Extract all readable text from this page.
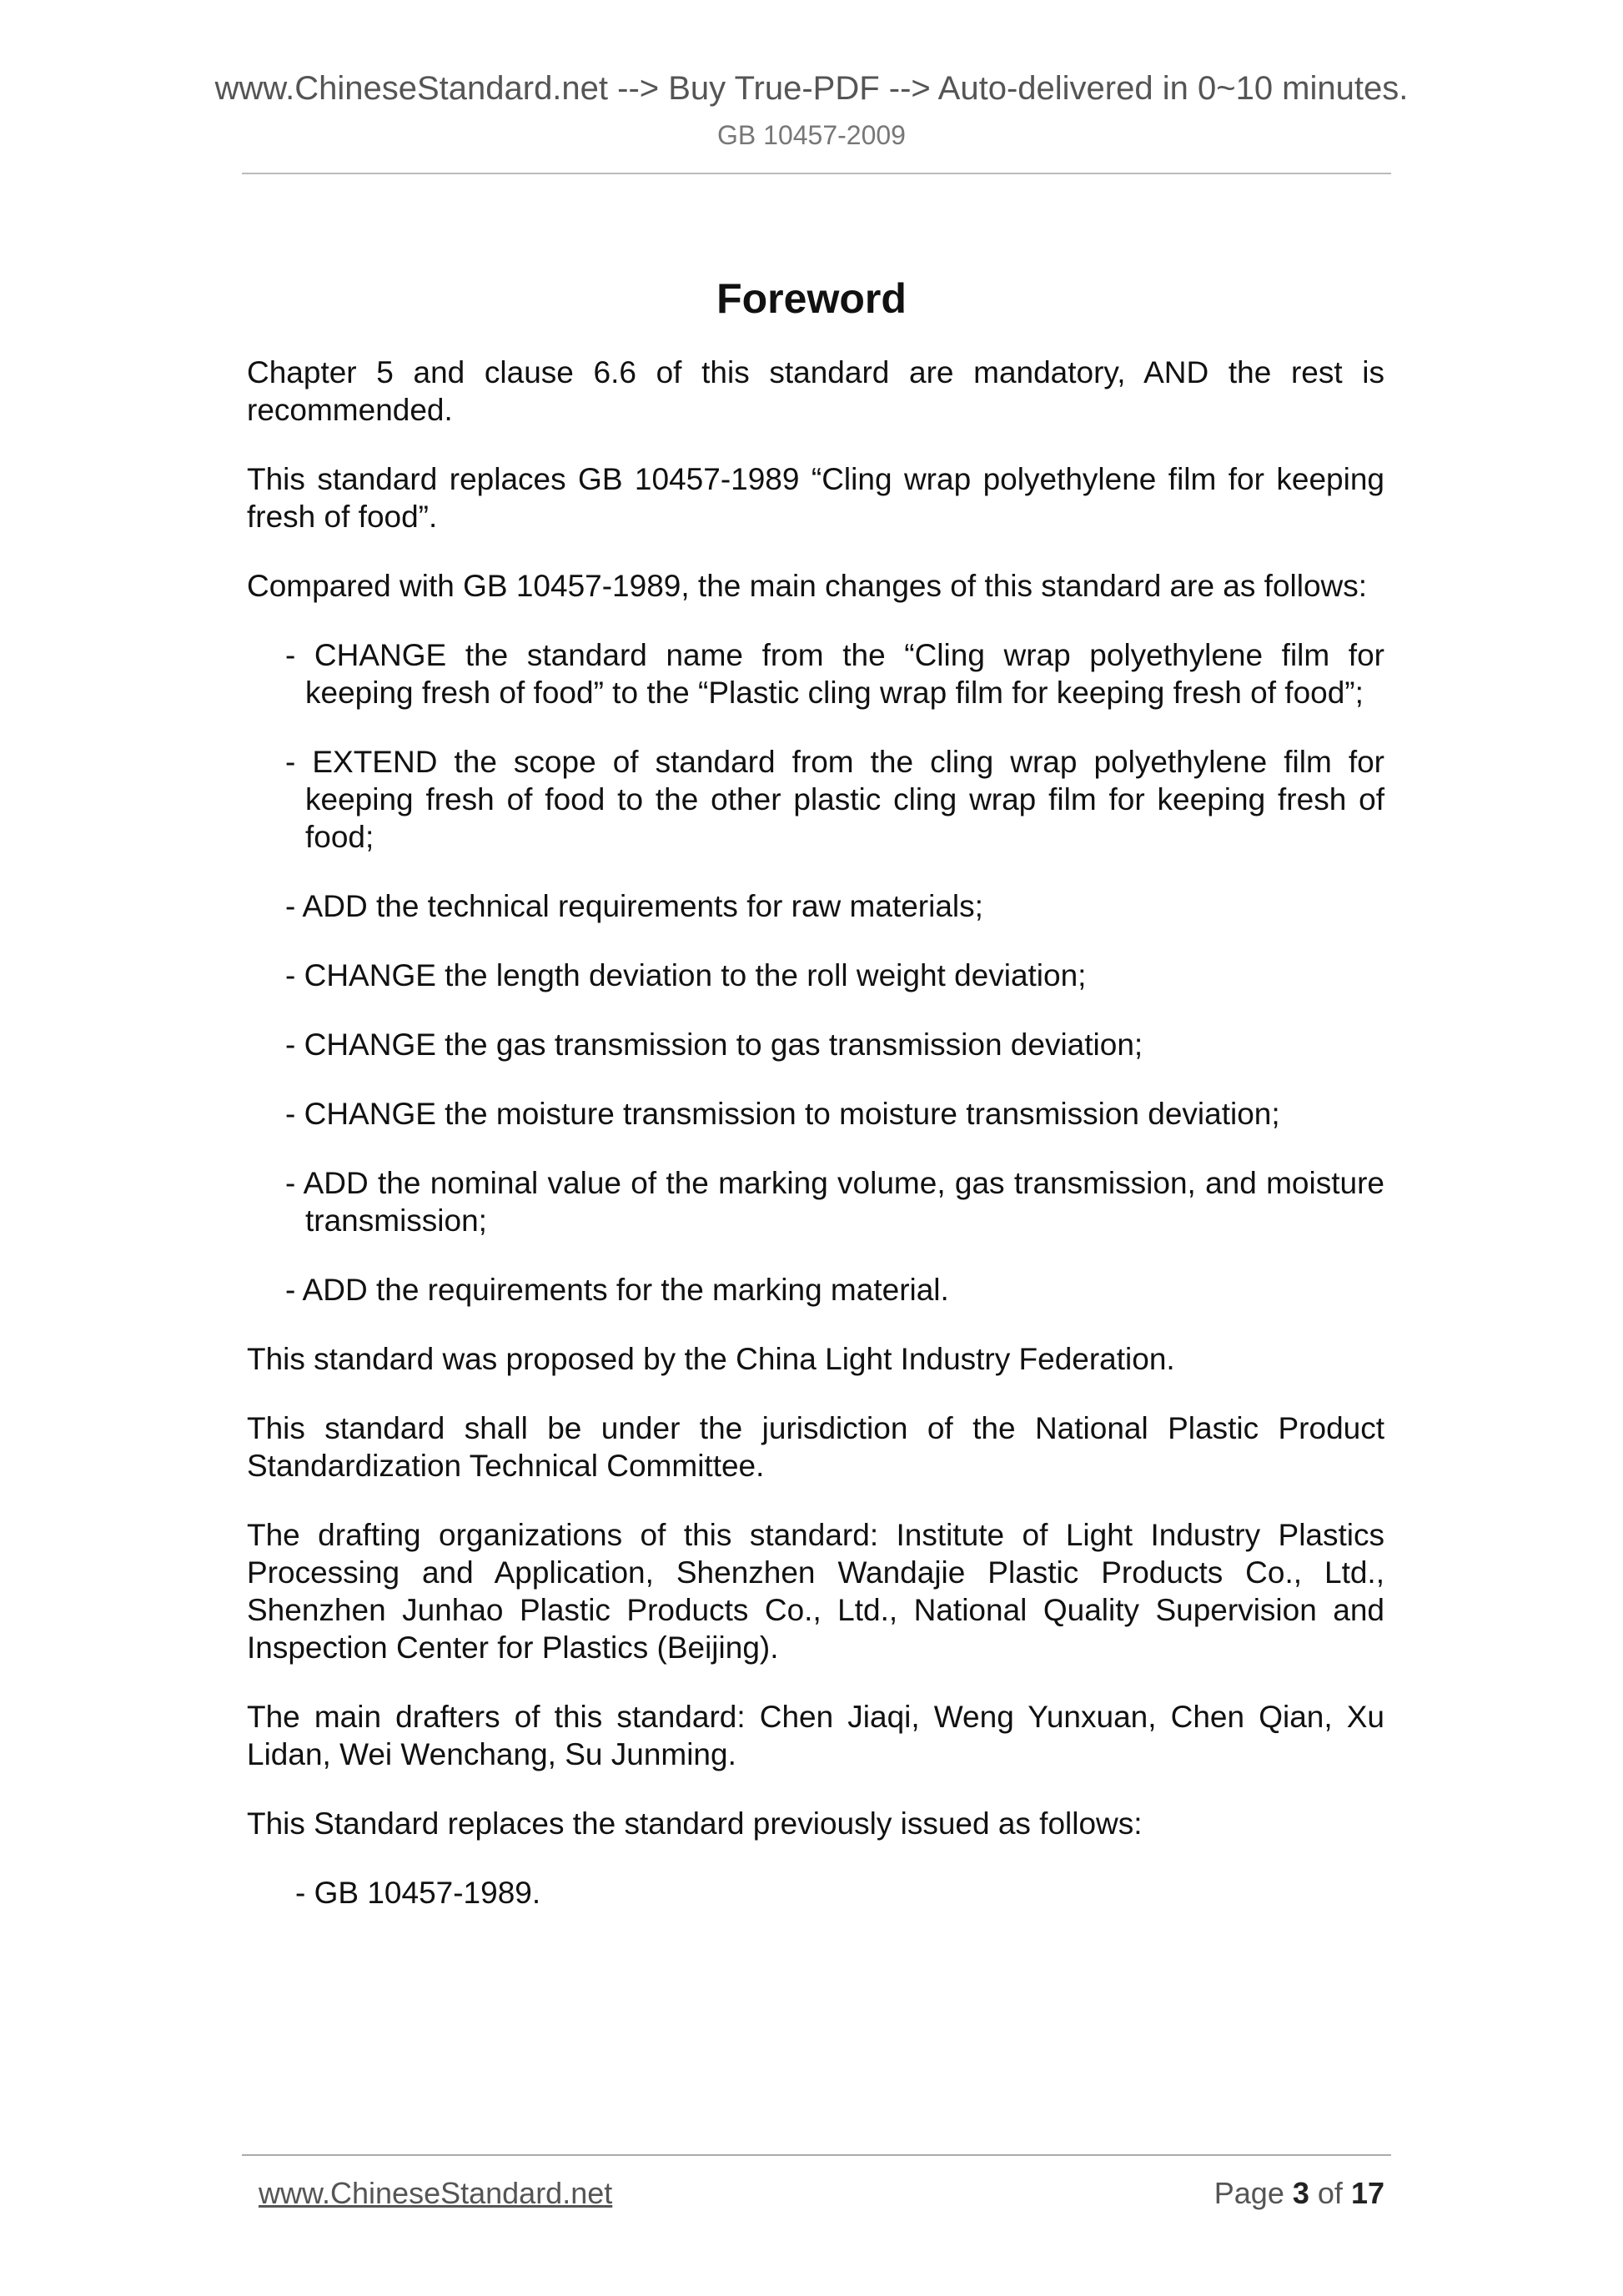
www.ChineseStandard.net --> Buy True-PDF --> Auto-delivered in 0~10 minutes.
GB 10457-2009
Foreword

Chapter 5 and clause 6.6 of this standard are mandatory, AND the rest is recommended.

This standard replaces GB 10457-1989 “Cling wrap polyethylene film for keeping fresh of food”.

Compared with GB 10457-1989, the main changes of this standard are as follows:

- CHANGE the standard name from the “Cling wrap polyethylene film for keeping fresh of food” to the “Plastic cling wrap film for keeping fresh of food”;

- EXTEND the scope of standard from the cling wrap polyethylene film for keeping fresh of food to the other plastic cling wrap film for keeping fresh of food;

- ADD the technical requirements for raw materials;

- CHANGE the length deviation to the roll weight deviation;

- CHANGE the gas transmission to gas transmission deviation;

- CHANGE the moisture transmission to moisture transmission deviation;

- ADD the nominal value of the marking volume, gas transmission, and moisture transmission;

- ADD the requirements for the marking material.

This standard was proposed by the China Light Industry Federation.

This standard shall be under the jurisdiction of the National Plastic Product Standardization Technical Committee.

The drafting organizations of this standard: Institute of Light Industry Plastics Processing and Application, Shenzhen Wandajie Plastic Products Co., Ltd., Shenzhen Junhao Plastic Products Co., Ltd., National Quality Supervision and Inspection Center for Plastics (Beijing).

The main drafters of this standard: Chen Jiaqi, Weng Yunxuan, Chen Qian, Xu Lidan, Wei Wenchang, Su Junming.

This Standard replaces the standard previously issued as follows:

- GB 10457-1989.

www.ChineseStandard.net	Page 3 of 17
